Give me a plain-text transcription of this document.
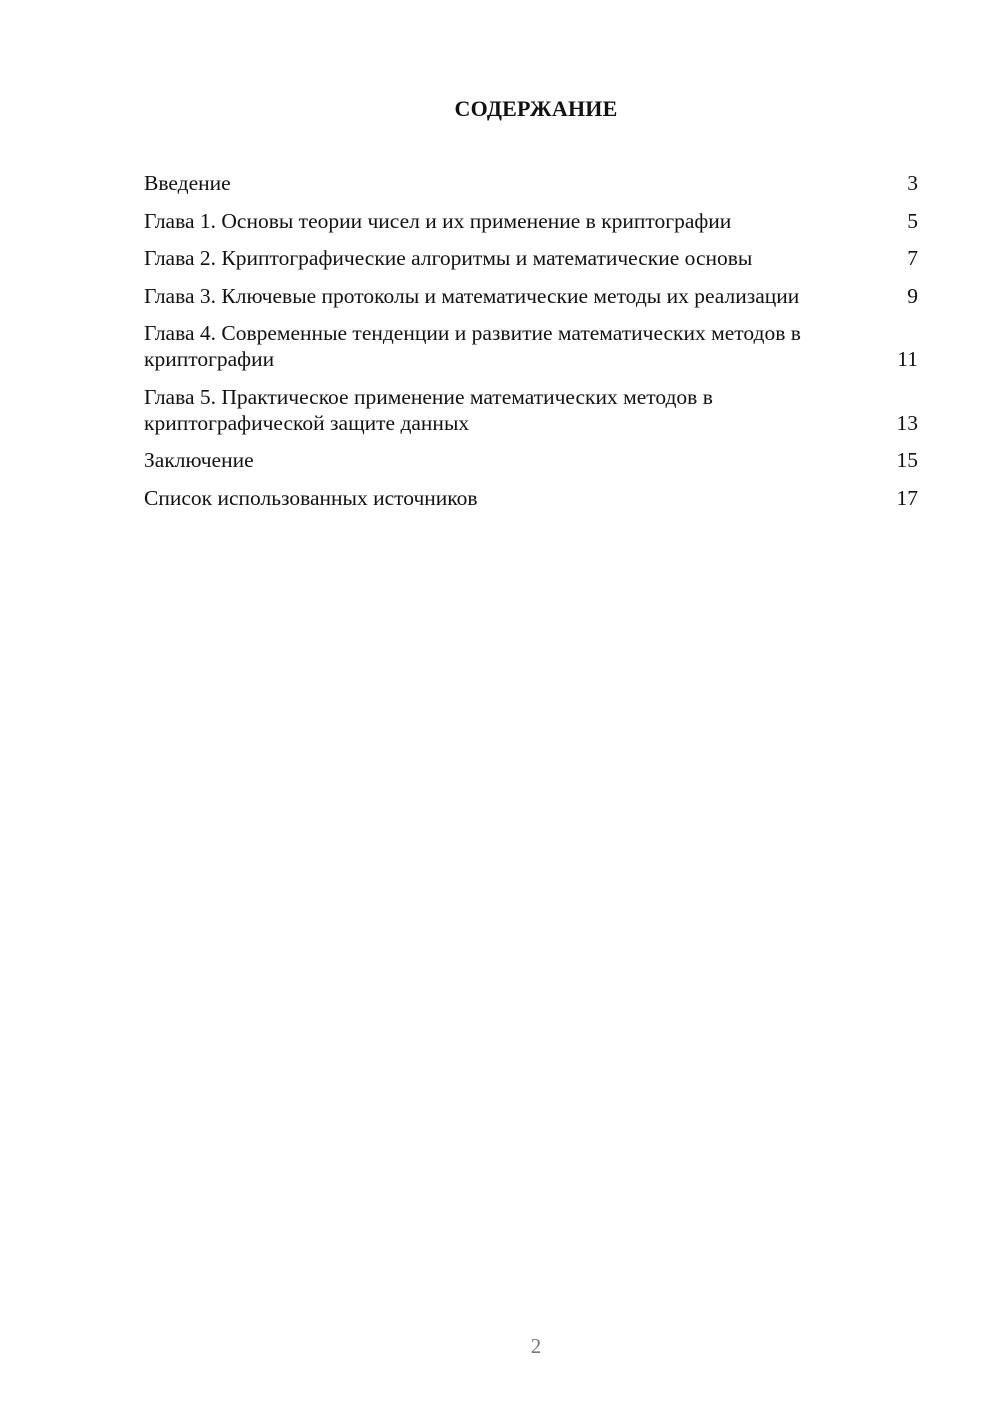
СОДЕРЖАНИЕ
Введение	3
Глава 1. Основы теории чисел и их применение в криптографии	5
Глава 2. Криптографические алгоритмы и математические основы	7
Глава 3. Ключевые протоколы и математические методы их реализации	9
Глава 4. Современные тенденции и развитие математических методов в криптографии	11
Глава 5. Практическое применение математических методов в криптографической защите данных	13
Заключение	15
Список использованных источников	17
2
